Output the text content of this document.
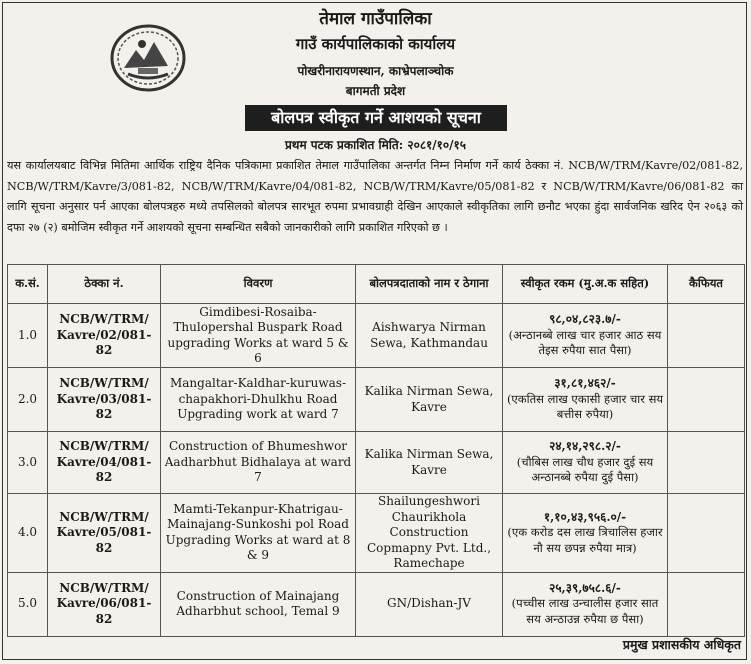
तेमाल गाउँपालिका
गाउँ कार्यपालिकाको कार्यालय
पोखरीनारायणस्थान, काभ्रेपलाञ्चोक
बागमती प्रदेश
बोलपत्र स्वीकृत गर्ने आशयको सूचना
प्रथम पटक प्रकाशित मिति: २०८१/१०/१५
यस कार्यालयबाट विभिन्न मितिमा आर्थिक राष्ट्रिय दैनिक पत्रिकामा प्रकाशित तेमाल गाउँपालिका अन्तर्गत निम्न निर्माण गर्ने कार्य ठेक्का नं. NCB/W/TRM/Kavre/02/081-82, NCB/W/TRM/Kavre/3/081-82, NCB/W/TRM/Kavre/04/081-82, NCB/W/TRM/Kavre/05/081-82 र NCB/W/TRM/Kavre/06/081-82 का लागि सूचना अनुसार पर्न आएका बोलपत्रहरु मध्ये तपसिलको बोलपत्र सारभूत रुपमा प्रभावग्राही देखिन आएकाले स्वीकृतिका लागि छनौट भएका हुंदा सार्वजनिक खरिद ऐन २०६३ को दफा २७ (२) बमोजिम स्वीकृत गर्ने आशयको सूचना सम्बन्धित सबैको जानकारीको लागि प्रकाशित गरिएको छ ।
क.सं.	ठेक्का नं.	विवरण	बोलपत्रदाताको नाम र ठेगाना	स्वीकृत रकम (मु.अ.क सहित)	कैफियत
1.0	NCB/W/TRM/ Kavre/02/081-82	Gimdibesi-Rosaiba-Thulopershal Buspark Road upgrading Works at ward 5 & 6	Aishwarya Nirman Sewa, Kathmandau	९८,०४,८२३.७/-
(अन्ठानब्बे लाख चार हजार आठ सय तेइस रुपैया सात पैसा)	

2.0	NCB/W/TRM/ Kavre/03/081-82	Mangaltar-Kaldhar-kuruwas-chapakhori-Dhulkhu Road Upgrading work at ward 7	Kalika Nirman Sewa, Kavre	३१,८१,४६२/-
(एकतिस लाख एकासी हजार चार सय बत्तीस रुपैया)	

3.0	NCB/W/TRM/ Kavre/04/081-82	Construction of Bhumeshwor Aadharbhut Bidhalaya at ward 7	Kalika Nirman Sewa, Kavre	२४,१४,२९८.२/-
(चौबिस लाख चौध हजार दुई सय अन्ठानब्बे रुपैया दुई पैसा)	

4.0	NCB/W/TRM/ Kavre/05/081-82	Mamti-Tekanpur-Khatrigau-Mainajang-Sunkoshi pol Road Upgrading Works at ward at 8 & 9	Shailungeshwori Chaurikhola Construction Copmapny Pvt. Ltd., Ramechape	१,१०,४३,९५६.०/-
(एक करोड दस लाख त्रिचालिस हजार नौ सय छपन्न रुपैया मात्र)	

5.0	NCB/W/TRM/ Kavre/06/081-82	Construction of Mainajang Adharbhut school, Temal 9	GN/Dishan-JV	२५,३९,७५८.६/-
(पच्चीस लाख उन्चालीस हजार सात सय अन्ठाउन्न रुपैया छ पैसा)	

प्रमुख प्रशासकीय अधिकृत
